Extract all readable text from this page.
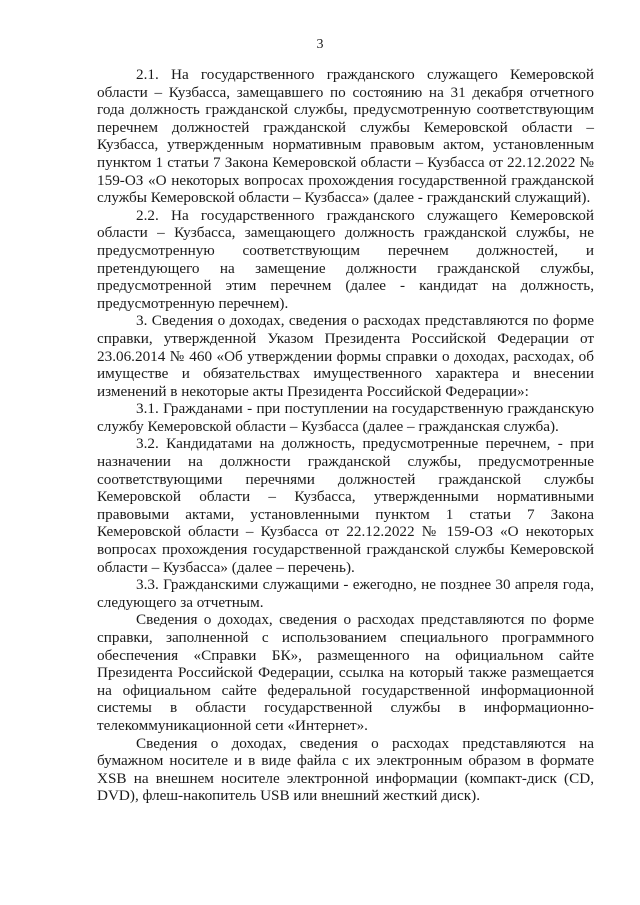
3

2.1. На государственного гражданского служащего Кемеровской области – Кузбасса, замещавшего по состоянию на 31 декабря отчетного года должность гражданской службы, предусмотренную соответствующим перечнем должностей гражданской службы Кемеровской области – Кузбасса, утвержденным нормативным правовым актом, установленным пунктом 1 статьи 7 Закона Кемеровской области – Кузбасса от 22.12.2022 № 159-ОЗ «О некоторых вопросах прохождения государственной гражданской службы Кемеровской области – Кузбасса» (далее - гражданский служащий).

2.2. На государственного гражданского служащего Кемеровской области – Кузбасса, замещающего должность гражданской службы, не предусмотренную соответствующим перечнем должностей, и претендующего на замещение должности гражданской службы, предусмотренной этим перечнем (далее - кандидат на должность, предусмотренную перечнем).

3. Сведения о доходах, сведения о расходах представляются по форме справки, утвержденной Указом Президента Российской Федерации от 23.06.2014 № 460 «Об утверждении формы справки о доходах, расходах, об имуществе и обязательствах имущественного характера и внесении изменений в некоторые акты Президента Российской Федерации»:

3.1. Гражданами - при поступлении на государственную гражданскую службу Кемеровской области – Кузбасса (далее – гражданская служба).

3.2. Кандидатами на должность, предусмотренные перечнем, - при назначении на должности гражданской службы, предусмотренные соответствующими перечнями должностей гражданской службы Кемеровской области – Кузбасса, утвержденными нормативными правовыми актами, установленными пунктом 1 статьи 7 Закона Кемеровской области – Кузбасса от 22.12.2022 № 159-ОЗ «О некоторых вопросах прохождения государственной гражданской службы Кемеровской области – Кузбасса» (далее – перечень).

3.3. Гражданскими служащими - ежегодно, не позднее 30 апреля года, следующего за отчетным.

Сведения о доходах, сведения о расходах представляются по форме справки, заполненной с использованием специального программного обеспечения «Справки БК», размещенного на официальном сайте Президента Российской Федерации, ссылка на который также размещается на официальном сайте федеральной государственной информационной системы в области государственной службы в информационно-телекоммуникационной сети «Интернет».

Сведения о доходах, сведения о расходах представляются на бумажном носителе и в виде файла с их электронным образом в формате XSB на внешнем носителе электронной информации (компакт-диск (CD, DVD), флеш-накопитель USB или внешний жесткий диск).
